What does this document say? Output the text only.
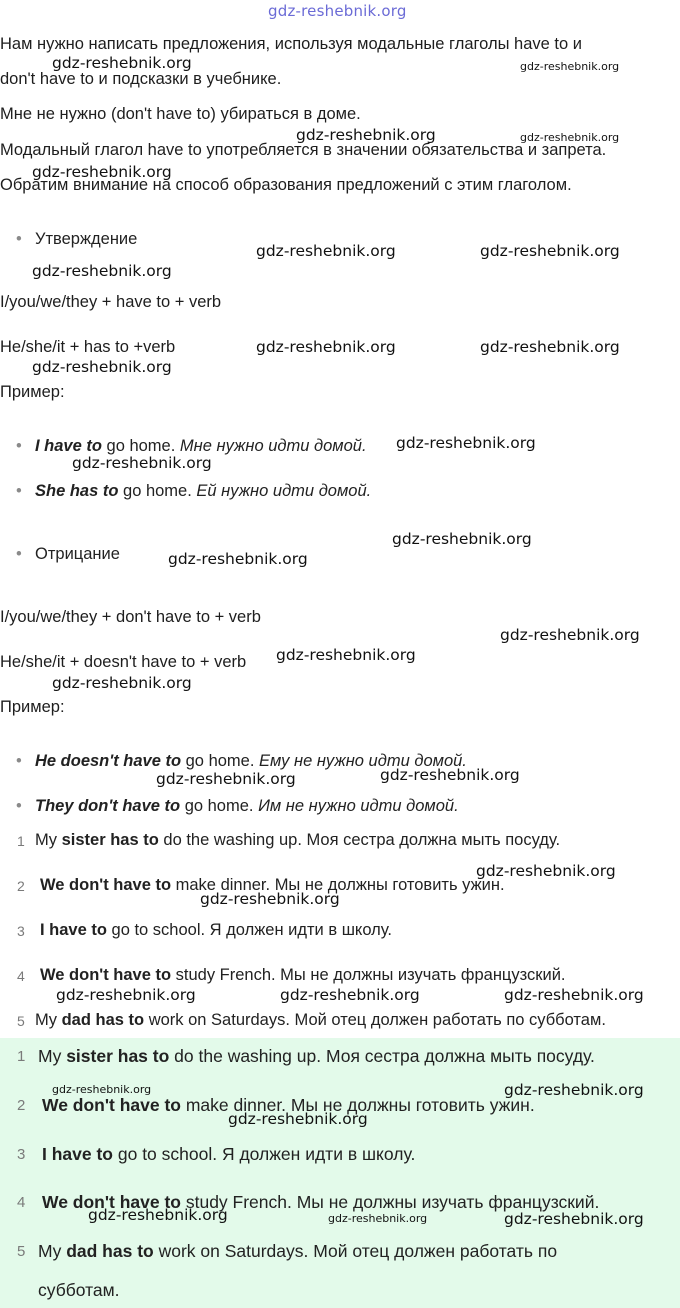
gdz-reshebnik.org
Нам нужно написать предложения, используя модальные глаголы have to и
don't have to и подсказки в учебнике.
Мне не нужно (don't have to) убираться в доме.
Модальный глагол have to употребляется в значении обязательства и запрета.
Обратим внимание на способ образования предложений с этим глаголом.
• Утверждение
I/you/we/they + have to + verb
He/she/it + has to +verb
Пример:
• I have to go home. Мне нужно идти домой.
• She has to go home. Ей нужно идти домой.
• Отрицание
I/you/we/they + don't have to + verb
He/she/it + doesn't have to + verb
Пример:
• He doesn't have to go home. Ему не нужно идти домой.
• They don't have to go home. Им не нужно идти домой.
1 My sister has to do the washing up. Моя сестра должна мыть посуду.
2 We don't have to make dinner. Мы не должны готовить ужин.
3 I have to go to school. Я должен идти в школу.
4 We don't have to study French. Мы не должны изучать французский.
5 My dad has to work on Saturdays. Мой отец должен работать по субботам.
1 My sister has to do the washing up. Моя сестра должна мыть посуду.
2 We don't have to make dinner. Мы не должны готовить ужин.
3 I have to go to school. Я должен идти в школу.
4 We don't have to study French. Мы не должны изучать французский.
5 My dad has to work on Saturdays. Мой отец должен работать по
субботам.
gdz-reshebnik.org	gdz-reshebnik.org
gdz-reshebnik.org	gdz-reshebnik.org
gdz-reshebnik.org
gdz-reshebnik.org	gdz-reshebnik.org
gdz-reshebnik.org
gdz-reshebnik.org	gdz-reshebnik.org
gdz-reshebnik.org
gdz-reshebnik.org
gdz-reshebnik.org
gdz-reshebnik.org
gdz-reshebnik.org
gdz-reshebnik.org
gdz-reshebnik.org
gdz-reshebnik.org
gdz-reshebnik.org	gdz-reshebnik.org
gdz-reshebnik.org
gdz-reshebnik.org
gdz-reshebnik.org	gdz-reshebnik.org	gdz-reshebnik.org
gdz-reshebnik.org	gdz-reshebnik.org
gdz-reshebnik.org
gdz-reshebnik.org	gdz-reshebnik.org	gdz-reshebnik.org
